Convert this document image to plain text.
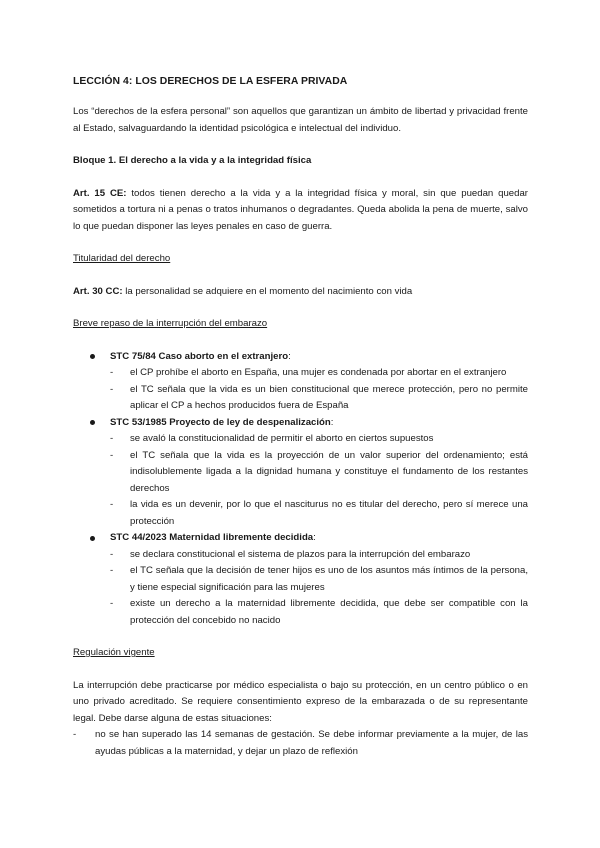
LECCIÓN 4: LOS DERECHOS DE LA ESFERA PRIVADA

Los “derechos de la esfera personal” son aquellos que garantizan un ámbito de libertad y privacidad frente al Estado, salvaguardando la identidad psicológica e intelectual del individuo.

Bloque 1. El derecho a la vida y a la integridad física

Art. 15 CE: todos tienen derecho a la vida y a la integridad física y moral, sin que puedan quedar sometidos a tortura ni a penas o tratos inhumanos o degradantes. Queda abolida la pena de muerte, salvo lo que puedan disponer las leyes penales en caso de guerra.

Titularidad del derecho

Art. 30 CC: la personalidad se adquiere en el momento del nacimiento con vida

Breve repaso de la interrupción del embarazo

STC 75/84 Caso aborto en el extranjero:
- el CP prohíbe el aborto en España, una mujer es condenada por abortar en el extranjero
- el TC señala que la vida es un bien constitucional que merece protección, pero no permite aplicar el CP a hechos producidos fuera de España
STC 53/1985 Proyecto de ley de despenalización:
- se avaló la constitucionalidad de permitir el aborto en ciertos supuestos
- el TC señala que la vida es la proyección de un valor superior del ordenamiento; está indisolublemente ligada a la dignidad humana y constituye el fundamento de los restantes derechos
- la vida es un devenir, por lo que el nasciturus no es titular del derecho, pero sí merece una protección
STC 44/2023 Maternidad libremente decidida:
- se declara constitucional el sistema de plazos para la interrupción del embarazo
- el TC señala que la decisión de tener hijos es uno de los asuntos más íntimos de la persona, y tiene especial significación para las mujeres
- existe un derecho a la maternidad libremente decidida, que debe ser compatible con la protección del concebido no nacido

Regulación vigente

La interrupción debe practicarse por médico especialista o bajo su protección, en un centro público o en uno privado acreditado. Se requiere consentimiento expreso de la embarazada o de su representante legal. Debe darse alguna de estas situaciones:

- no se han superado las 14 semanas de gestación. Se debe informar previamente a la mujer, de las ayudas públicas a la maternidad, y dejar un plazo de reflexión
